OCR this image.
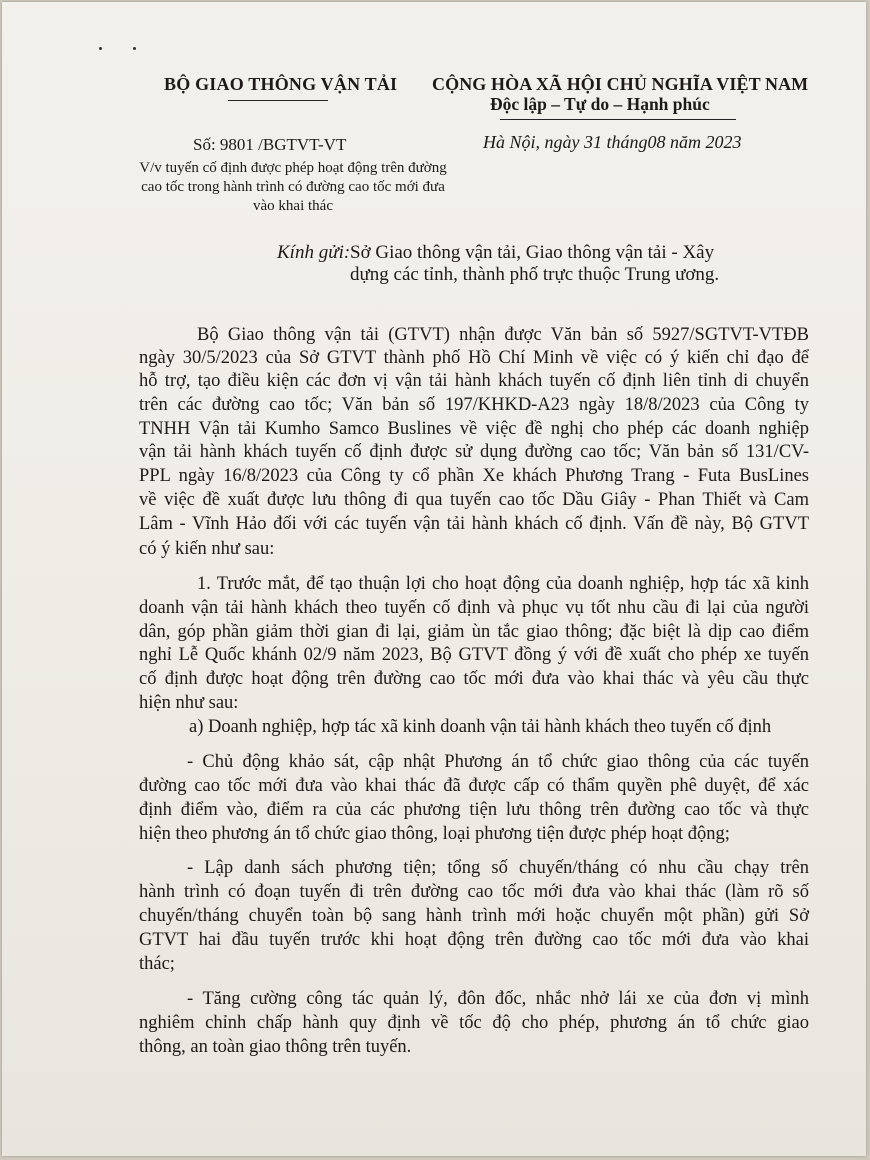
BỘ GIAO THÔNG VẬN TẢI CỘNG HÒA XÃ HỘI CHỦ NGHĨA VIỆT NAM
Độc lập – Tự do – Hạnh phúc
Số: 9801 /BGTVT-VT	Hà Nội, ngày 31 tháng08 năm 2023
V/v tuyến cố định được phép hoạt động trên đường cao tốc trong hành trình có đường cao tốc mới đưa vào khai thác
Kính gửi: Sở Giao thông vận tải, Giao thông vận tải - Xây
dựng các tỉnh, thành phố trực thuộc Trung ương.
Bộ Giao thông vận tải (GTVT) nhận được Văn bản số 5927/SGTVT-VTĐB
ngày 30/5/2023 của Sở GTVT thành phố Hồ Chí Minh về việc có ý kiến chỉ đạo để
hỗ trợ, tạo điều kiện các đơn vị vận tải hành khách tuyến cố định liên tỉnh di chuyển
trên các đường cao tốc; Văn bản số 197/KHKD-A23 ngày 18/8/2023 của Công ty
TNHH Vận tải Kumho Samco Buslines về việc đề nghị cho phép các doanh nghiệp
vận tải hành khách tuyến cố định được sử dụng đường cao tốc; Văn bản số 131/CV-
PPL ngày 16/8/2023 của Công ty cổ phần Xe khách Phương Trang - Futa BusLines
về việc đề xuất được lưu thông đi qua tuyến cao tốc Dầu Giây - Phan Thiết và Cam
Lâm - Vĩnh Hảo đối với các tuyến vận tải hành khách cố định. Vấn đề này, Bộ GTVT
có ý kiến như sau:
1. Trước mắt, để tạo thuận lợi cho hoạt động của doanh nghiệp, hợp tác xã kinh
doanh vận tải hành khách theo tuyến cố định và phục vụ tốt nhu cầu đi lại của người
dân, góp phần giảm thời gian đi lại, giảm ùn tắc giao thông; đặc biệt là dịp cao điểm
nghỉ Lễ Quốc khánh 02/9 năm 2023, Bộ GTVT đồng ý với đề xuất cho phép xe tuyến
cố định được hoạt động trên đường cao tốc mới đưa vào khai thác và yêu cầu thực
hiện như sau:
a) Doanh nghiệp, hợp tác xã kinh doanh vận tải hành khách theo tuyến cố định
- Chủ động khảo sát, cập nhật Phương án tổ chức giao thông của các tuyến
đường cao tốc mới đưa vào khai thác đã được cấp có thẩm quyền phê duyệt, để xác
định điểm vào, điểm ra của các phương tiện lưu thông trên đường cao tốc và thực
hiện theo phương án tổ chức giao thông, loại phương tiện được phép hoạt động;
- Lập danh sách phương tiện; tổng số chuyến/tháng có nhu cầu chạy trên
hành trình có đoạn tuyến đi trên đường cao tốc mới đưa vào khai thác (làm rõ số
chuyến/tháng chuyển toàn bộ sang hành trình mới hoặc chuyển một phần) gửi Sở
GTVT hai đầu tuyến trước khi hoạt động trên đường cao tốc mới đưa vào khai
thác;
- Tăng cường công tác quản lý, đôn đốc, nhắc nhở lái xe của đơn vị mình
nghiêm chỉnh chấp hành quy định về tốc độ cho phép, phương án tổ chức giao
thông, an toàn giao thông trên tuyến.
